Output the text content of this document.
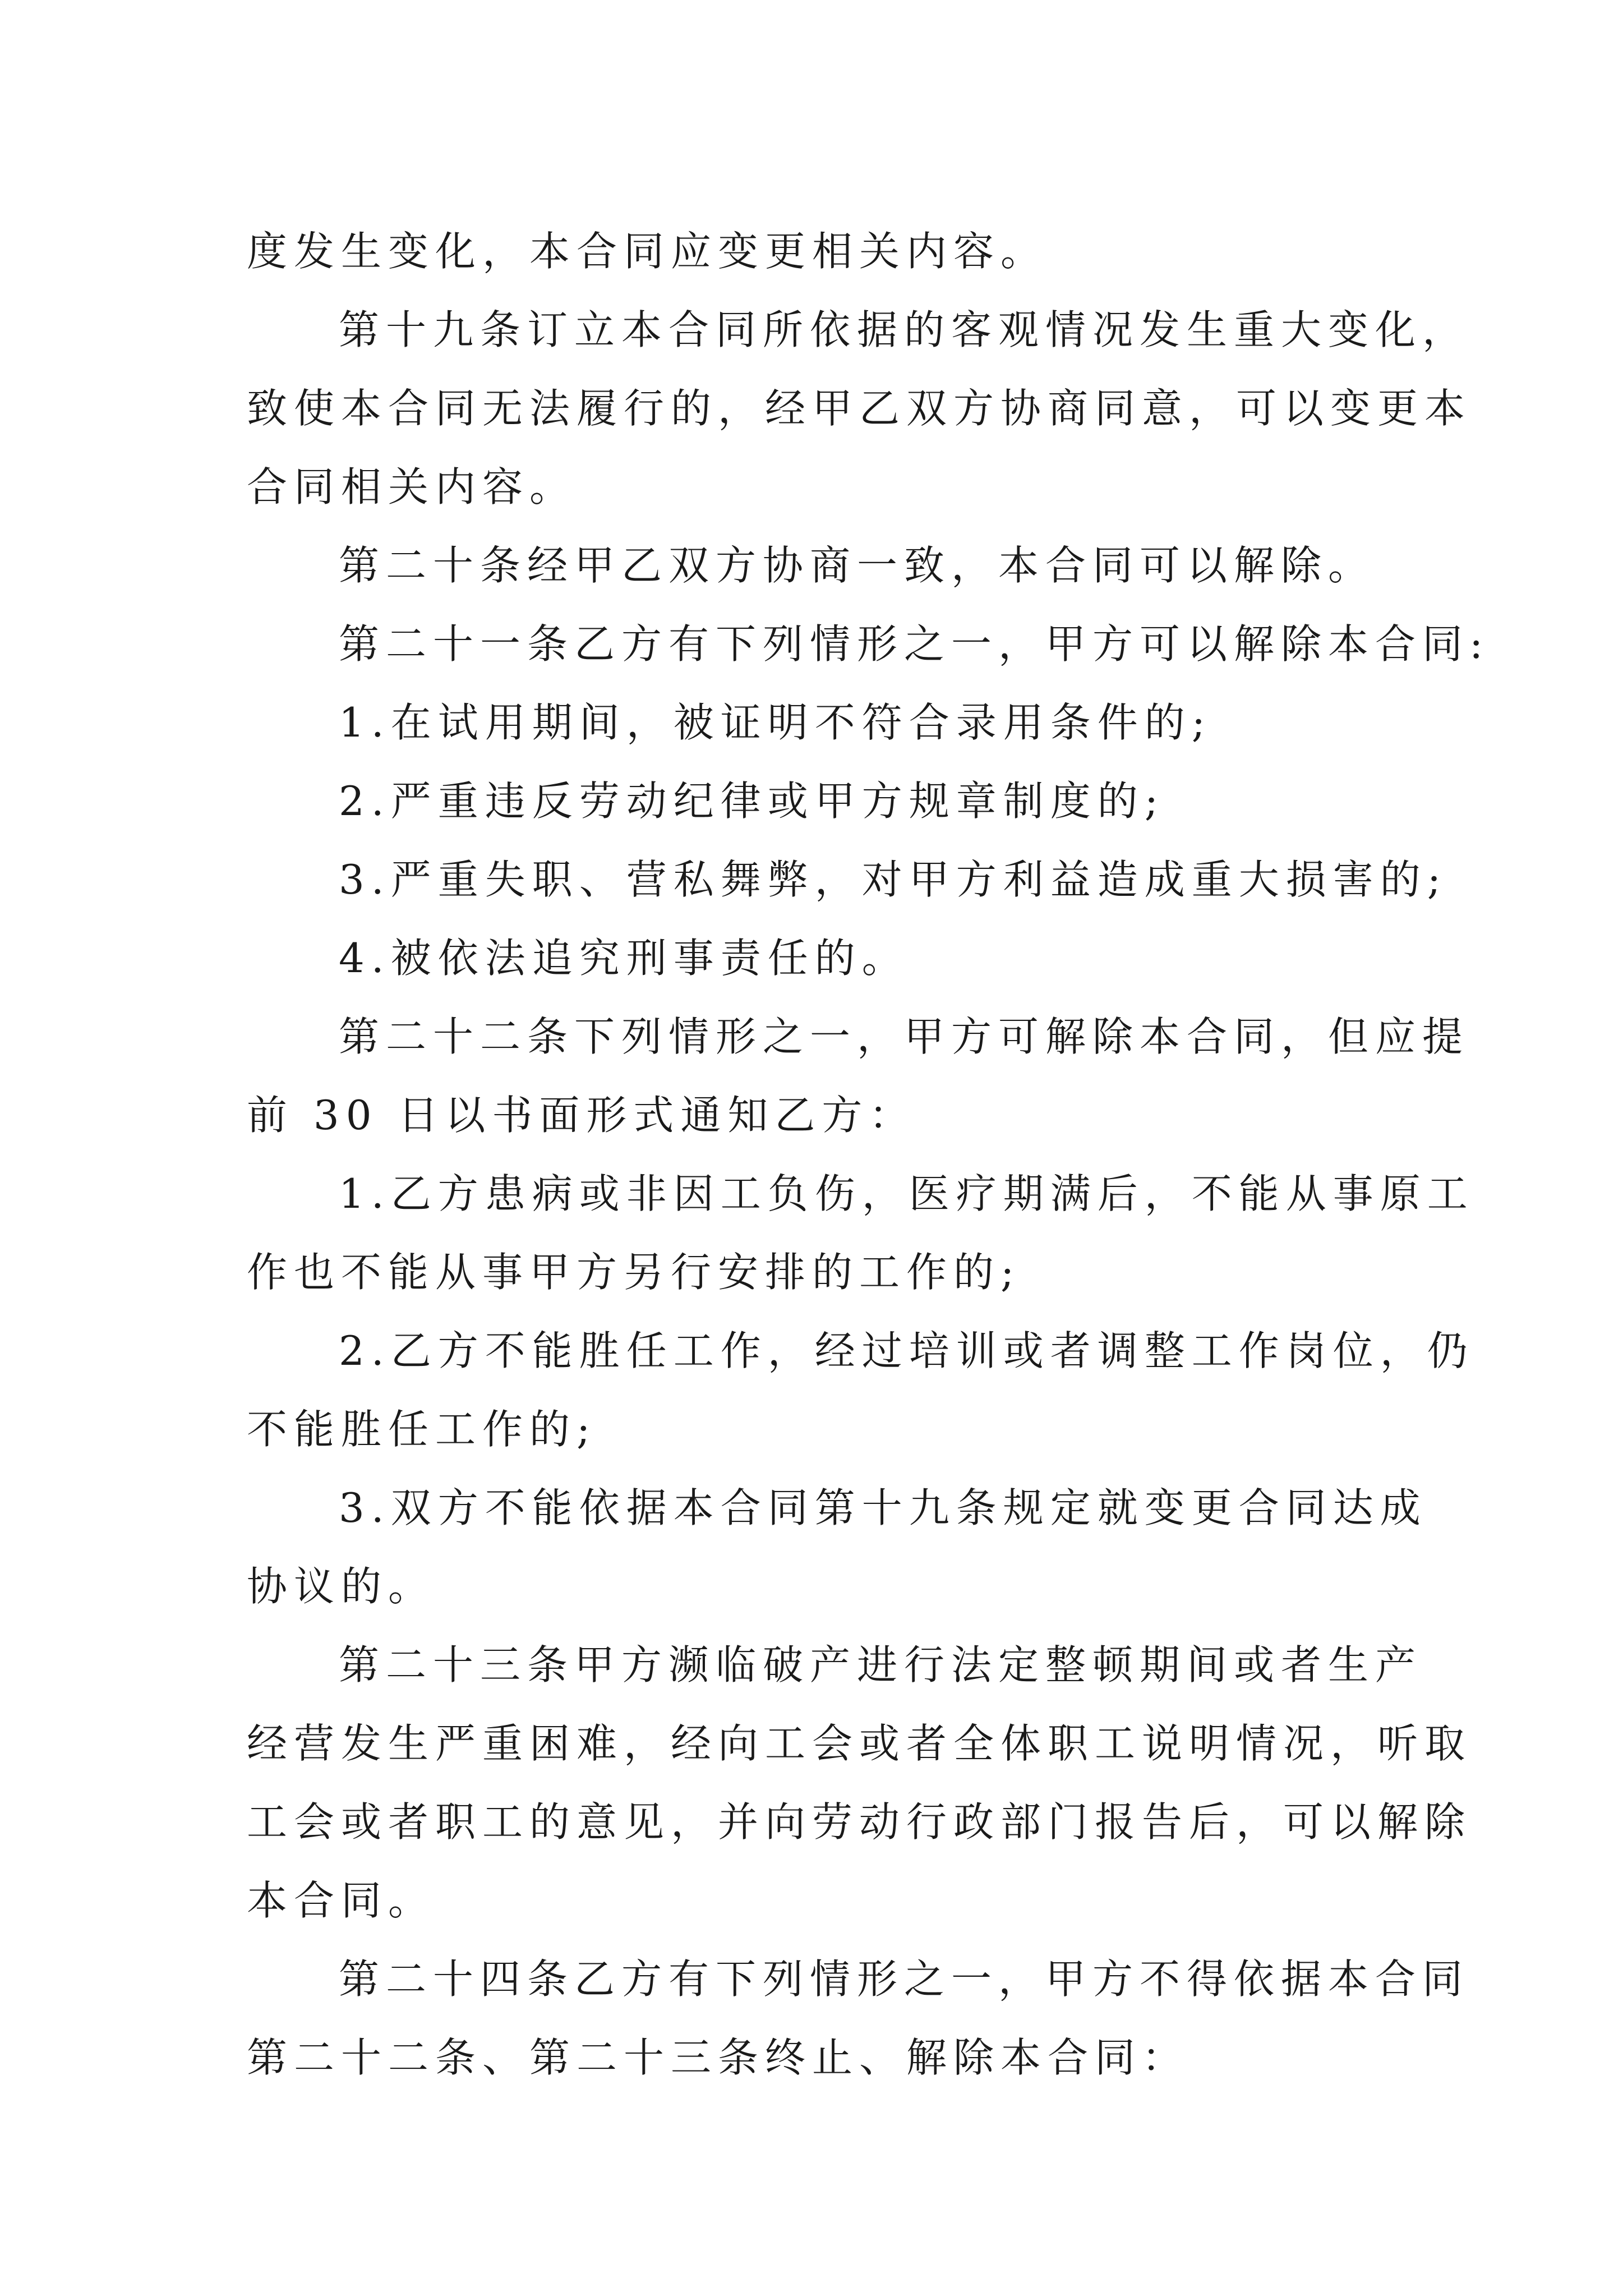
度发生变化，本合同应变更相关内容。
第十九条订立本合同所依据的客观情况发生重大变化，
致使本合同无法履行的，经甲乙双方协商同意，可以变更本
合同相关内容。
第二十条经甲乙双方协商一致，本合同可以解除。
第二十一条乙方有下列情形之一，甲方可以解除本合同:
1.在试用期间，被证明不符合录用条件的;
2.严重违反劳动纪律或甲方规章制度的;
3.严重失职、营私舞弊，对甲方利益造成重大损害的;
4.被依法追究刑事责任的。
第二十二条下列情形之一，甲方可解除本合同，但应提
前 30 日以书面形式通知乙方：
1.乙方患病或非因工负伤，医疗期满后，不能从事原工
作也不能从事甲方另行安排的工作的;
2.乙方不能胜任工作，经过培训或者调整工作岗位，仍
不能胜任工作的;
3.双方不能依据本合同第十九条规定就变更合同达成
协议的。
第二十三条甲方濒临破产进行法定整顿期间或者生产
经营发生严重困难，经向工会或者全体职工说明情况，听取
工会或者职工的意见，并向劳动行政部门报告后，可以解除
本合同。
第二十四条乙方有下列情形之一，甲方不得依据本合同
第二十二条、第二十三条终止、解除本合同：
